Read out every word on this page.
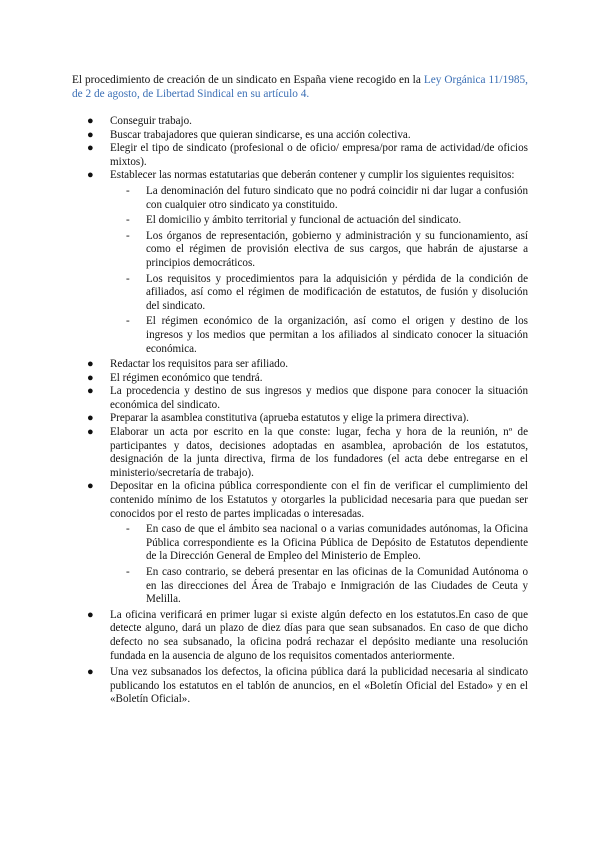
El procedimiento de creación de un sindicato en España viene recogido en la Ley Orgánica 11/1985, de 2 de agosto, de Libertad Sindical en su artículo 4.

● Conseguir trabajo.
● Buscar trabajadores que quieran sindicarse, es una acción colectiva.
● Elegir el tipo de sindicato (profesional o de oficio/ empresa/por rama de actividad/de oficios mixtos).
● Establecer las normas estatutarias que deberán contener y cumplir los siguientes requisitos:
- La denominación del futuro sindicato que no podrá coincidir ni dar lugar a confusión con cualquier otro sindicato ya constituido.
- El domicilio y ámbito territorial y funcional de actuación del sindicato.
- Los órganos de representación, gobierno y administración y su funcionamiento, así como el régimen de provisión electiva de sus cargos, que habrán de ajustarse a principios democráticos.
- Los requisitos y procedimientos para la adquisición y pérdida de la condición de afiliados, así como el régimen de modificación de estatutos, de fusión y disolución del sindicato.
- El régimen económico de la organización, así como el origen y destino de los ingresos y los medios que permitan a los afiliados al sindicato conocer la situación económica.
● Redactar los requisitos para ser afiliado.
● El régimen económico que tendrá.
● La procedencia y destino de sus ingresos y medios que dispone para conocer la situación económica del sindicato.
● Preparar la asamblea constitutiva (aprueba estatutos y elige la primera directiva).
● Elaborar un acta por escrito en la que conste: lugar, fecha y hora de la reunión, nº de participantes y datos, decisiones adoptadas en asamblea, aprobación de los estatutos, designación de la junta directiva, firma de los fundadores (el acta debe entregarse en el ministerio/secretaría de trabajo).
● Depositar en la oficina pública correspondiente con el fin de verificar el cumplimiento del contenido mínimo de los Estatutos y otorgarles la publicidad necesaria para que puedan ser conocidos por el resto de partes implicadas o interesadas.
- En caso de que el ámbito sea nacional o a varias comunidades autónomas, la Oficina Pública correspondiente es la Oficina Pública de Depósito de Estatutos dependiente de la Dirección General de Empleo del Ministerio de Empleo.
- En caso contrario, se deberá presentar en las oficinas de la Comunidad Autónoma o en las direcciones del Área de Trabajo e Inmigración de las Ciudades de Ceuta y Melilla.
● La oficina verificará en primer lugar si existe algún defecto en los estatutos.En caso de que detecte alguno, dará un plazo de diez días para que sean subsanados. En caso de que dicho defecto no sea subsanado, la oficina podrá rechazar el depósito mediante una resolución fundada en la ausencia de alguno de los requisitos comentados anteriormente.
● Una vez subsanados los defectos, la oficina pública dará la publicidad necesaria al sindicato publicando los estatutos en el tablón de anuncios, en el «Boletín Oficial del Estado» y en el «Boletín Oficial».
